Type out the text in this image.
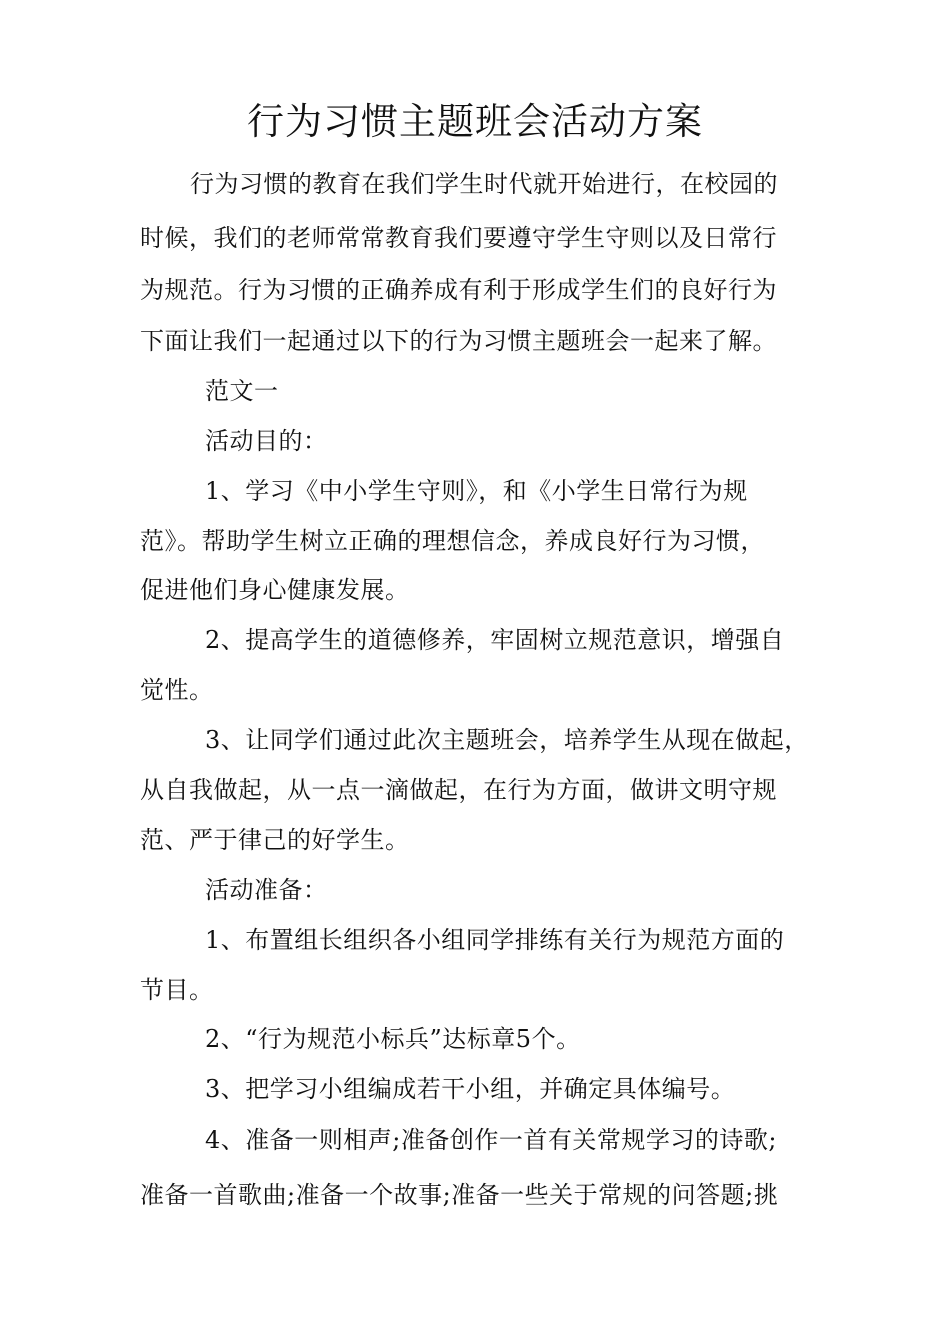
行为习惯主题班会活动方案
行为习惯的教育在我们学生时代就开始进行，在校园的
时候，我们的老师常常教育我们要遵守学生守则以及日常行
为规范。行为习惯的正确养成有利于形成学生们的良好行为
下面让我们一起通过以下的行为习惯主题班会一起来了解。
范文一
活动目的：
1、学习《中小学生守则》，和《小学生日常行为规
范》。帮助学生树立正确的理想信念，养成良好行为习惯，
促进他们身心健康发展。
2、提高学生的道德修养，牢固树立规范意识，增强自
觉性。
3、让同学们通过此次主题班会，培养学生从现在做起，
从自我做起，从一点一滴做起，在行为方面，做讲文明守规
范、严于律己的好学生。
活动准备：
1、布置组长组织各小组同学排练有关行为规范方面的
节目。
2、“行为规范小标兵”达标章5个。
3、把学习小组编成若干小组，并确定具体编号。
4、准备一则相声;准备创作一首有关常规学习的诗歌;
准备一首歌曲;准备一个故事;准备一些关于常规的问答题;挑
